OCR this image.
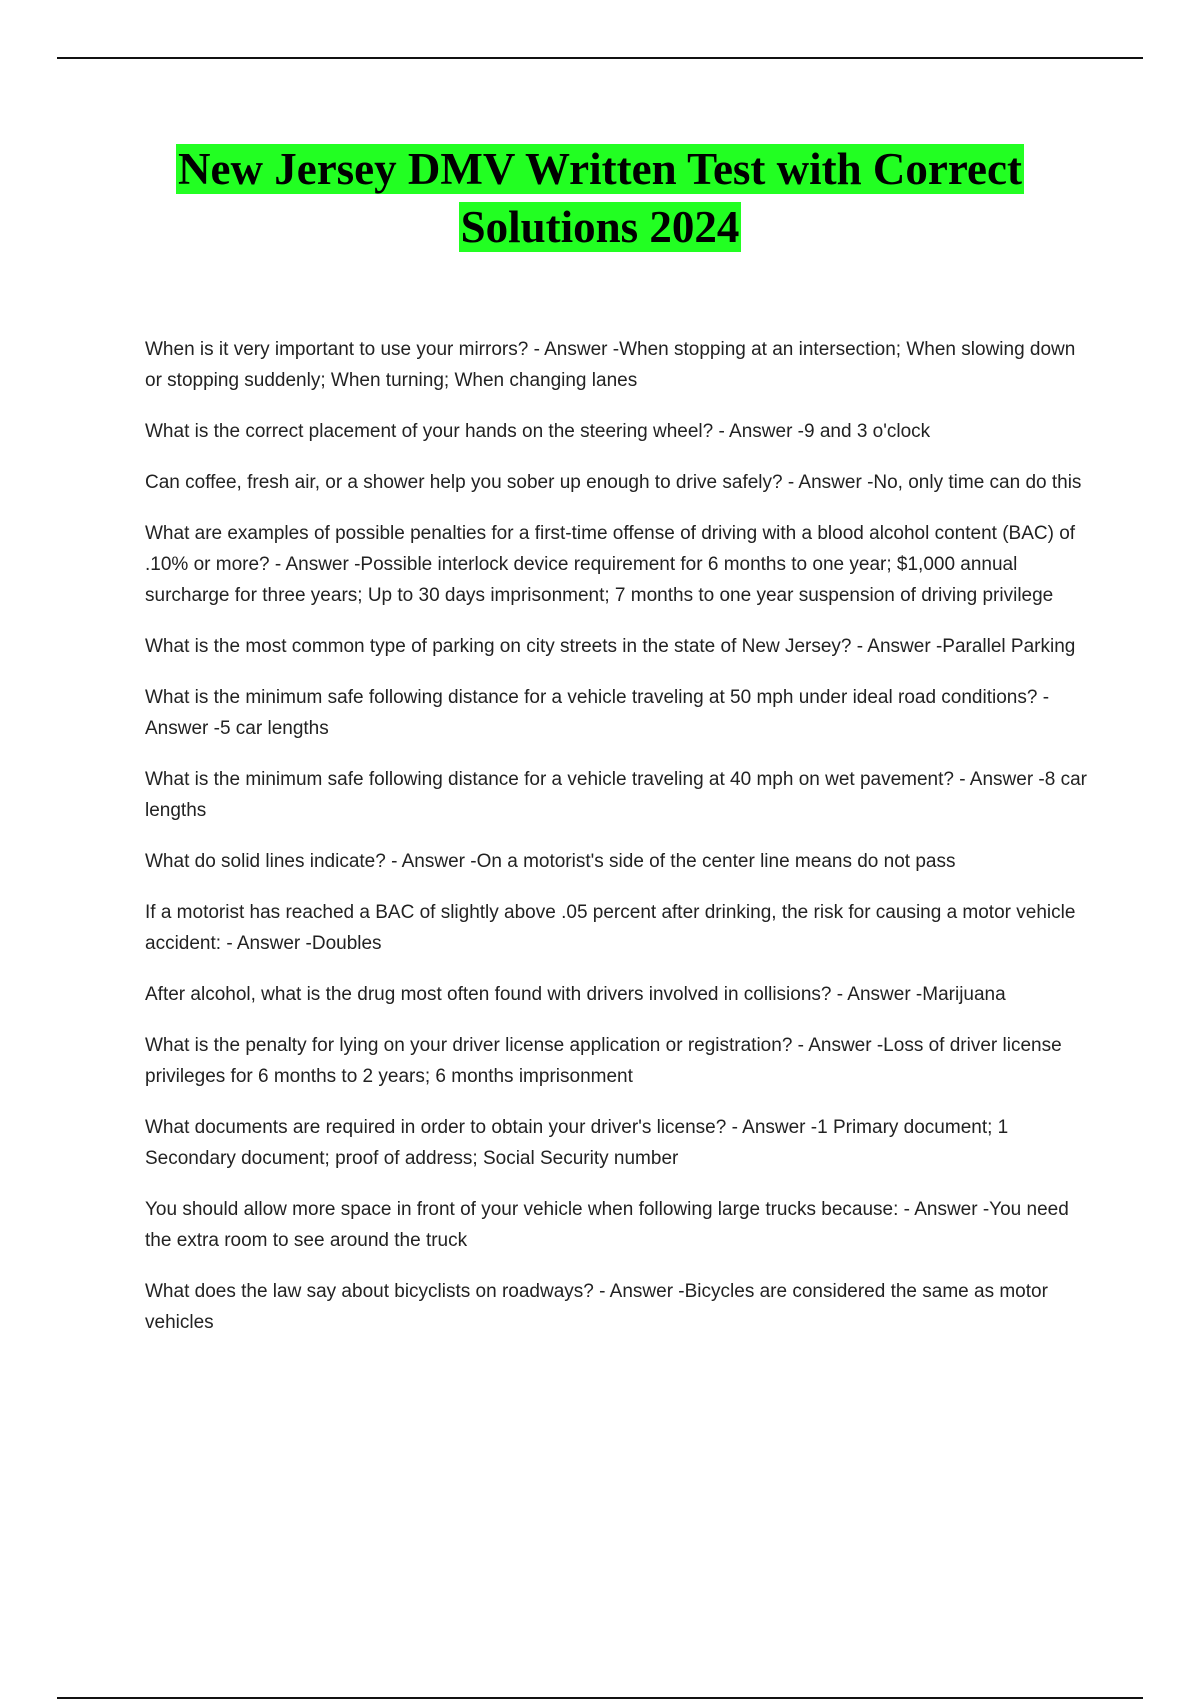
New Jersey DMV Written Test with Correct Solutions 2024
When is it very important to use your mirrors? - Answer -When stopping at an intersection; When slowing down or stopping suddenly; When turning; When changing lanes
What is the correct placement of your hands on the steering wheel? - Answer -9 and 3 o'clock
Can coffee, fresh air, or a shower help you sober up enough to drive safely? - Answer -No, only time can do this
What are examples of possible penalties for a first-time offense of driving with a blood alcohol content (BAC) of .10% or more? - Answer -Possible interlock device requirement for 6 months to one year; $1,000 annual surcharge for three years; Up to 30 days imprisonment; 7 months to one year suspension of driving privilege
What is the most common type of parking on city streets in the state of New Jersey? - Answer -Parallel Parking
What is the minimum safe following distance for a vehicle traveling at 50 mph under ideal road conditions? - Answer -5 car lengths
What is the minimum safe following distance for a vehicle traveling at 40 mph on wet pavement? - Answer -8 car lengths
What do solid lines indicate? - Answer -On a motorist's side of the center line means do not pass
If a motorist has reached a BAC of slightly above .05 percent after drinking, the risk for causing a motor vehicle accident: - Answer -Doubles
After alcohol, what is the drug most often found with drivers involved in collisions? - Answer -Marijuana
What is the penalty for lying on your driver license application or registration? - Answer -Loss of driver license privileges for 6 months to 2 years; 6 months imprisonment
What documents are required in order to obtain your driver's license? - Answer -1 Primary document; 1 Secondary document; proof of address; Social Security number
You should allow more space in front of your vehicle when following large trucks because: - Answer -You need the extra room to see around the truck
What does the law say about bicyclists on roadways? - Answer -Bicycles are considered the same as motor vehicles
